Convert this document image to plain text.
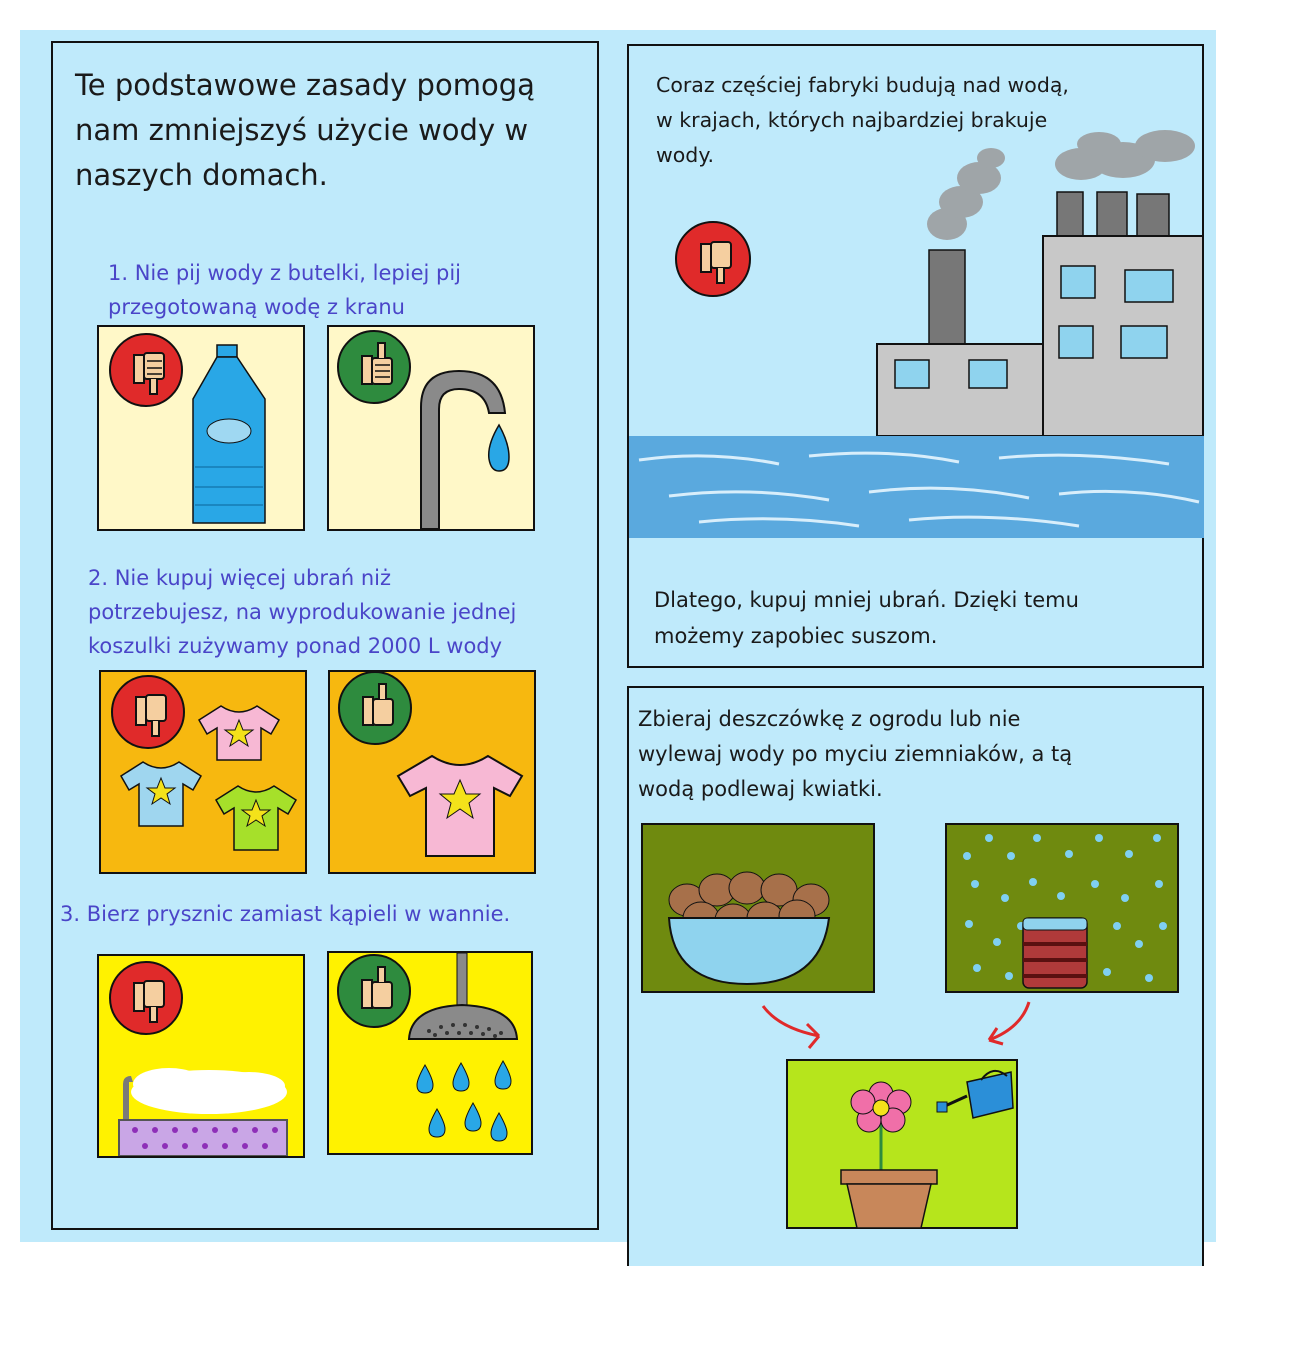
Te podstawowe zasady pomogą
nam zmniejszyś użycie wody w
naszych domach.

1. Nie pij wody z butelki, lepiej pij
przegotowaną wodę z kranu

2. Nie kupuj więcej ubrań niż
potrzebujesz, na wyprodukowanie jednej
koszulki zużywamy ponad 2000 L wody

3. Bierz prysznic zamiast kąpieli w wannie.

Coraz częściej fabryki budują nad wodą,
w krajach, których najbardziej brakuje
wody.

Dlatego, kupuj mniej ubrań. Dzięki temu
możemy zapobiec suszom.

Zbieraj deszczówkę z ogrodu lub nie
wylewaj wody po myciu ziemniaków, a tą
wodą podlewaj kwiatki.
